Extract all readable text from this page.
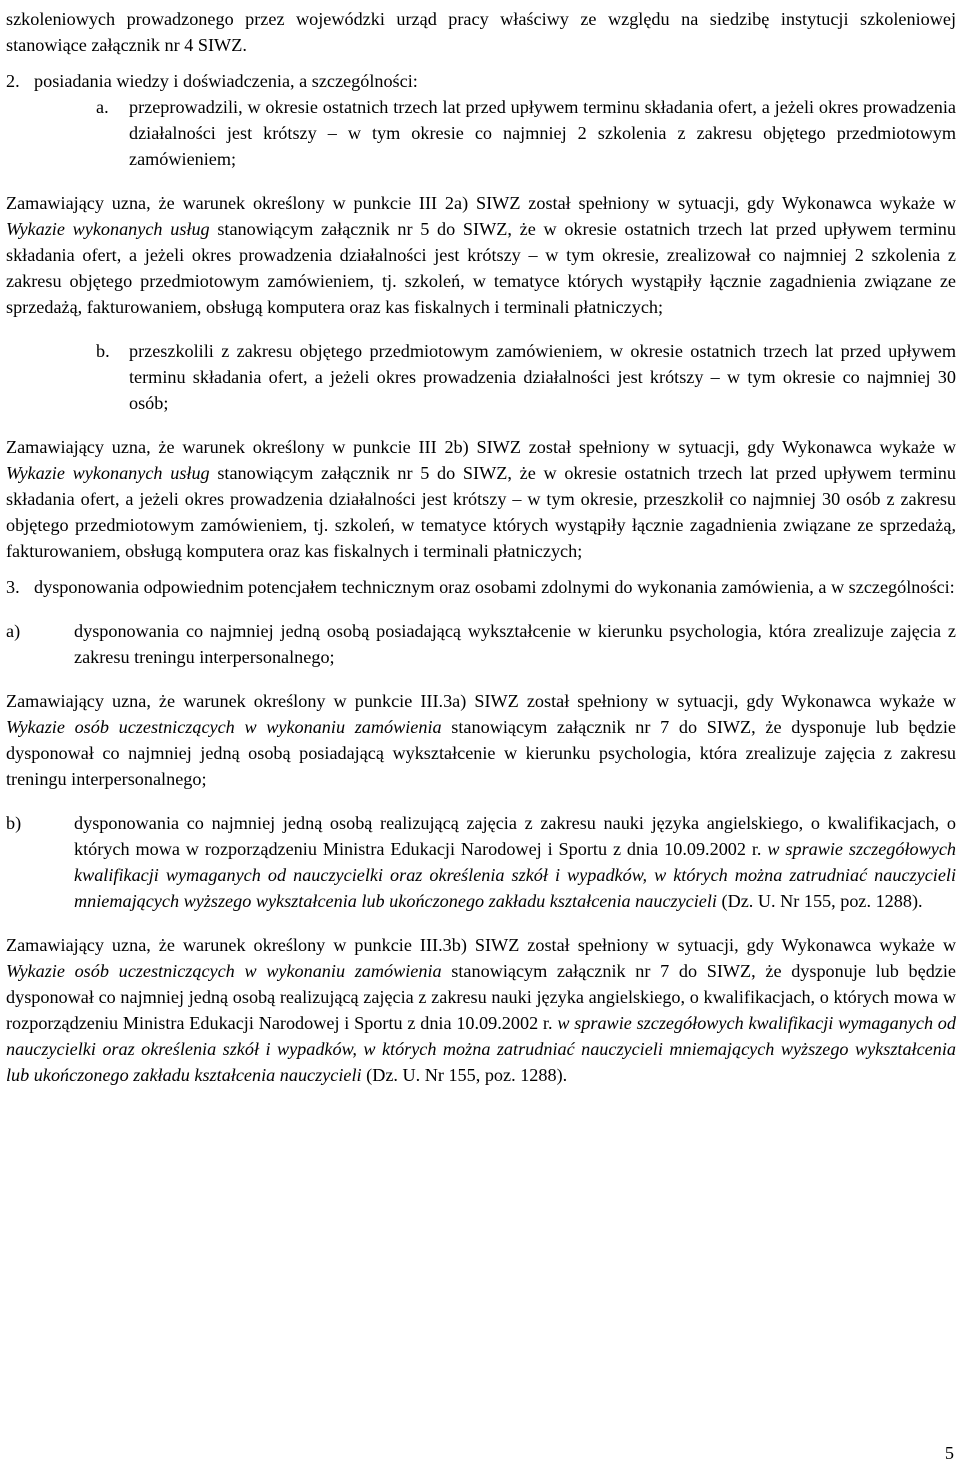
szkoleniowych prowadzonego przez wojewódzki urząd pracy właściwy ze względu na siedzibę instytucji szkoleniowej stanowiące załącznik nr 4 SIWZ.

2. posiadania wiedzy i doświadczenia, a szczególności:

a. przeprowadzili, w okresie ostatnich trzech lat przed upływem terminu składania ofert, a jeżeli okres prowadzenia działalności jest krótszy – w tym okresie co najmniej 2 szkolenia z zakresu objętego przedmiotowym zamówieniem;

Zamawiający uzna, że warunek określony w punkcie III 2a) SIWZ został spełniony w sytuacji, gdy Wykonawca wykaże w Wykazie wykonanych usług stanowiącym załącznik nr 5 do SIWZ, że w okresie ostatnich trzech lat przed upływem terminu składania ofert, a jeżeli okres prowadzenia działalności jest krótszy – w tym okresie, zrealizował co najmniej 2 szkolenia z zakresu objętego przedmiotowym zamówieniem, tj. szkoleń, w tematyce których wystąpiły łącznie zagadnienia związane ze sprzedażą, fakturowaniem, obsługą komputera oraz kas fiskalnych i terminali płatniczych;

b. przeszkolili z zakresu objętego przedmiotowym zamówieniem, w okresie ostatnich trzech lat przed upływem terminu składania ofert, a jeżeli okres prowadzenia działalności jest krótszy – w tym okresie co najmniej 30 osób;

Zamawiający uzna, że warunek określony w punkcie III 2b) SIWZ został spełniony w sytuacji, gdy Wykonawca wykaże w Wykazie wykonanych usług stanowiącym załącznik nr 5 do SIWZ, że w okresie ostatnich trzech lat przed upływem terminu składania ofert, a jeżeli okres prowadzenia działalności jest krótszy – w tym okresie, przeszkolił co najmniej 30 osób z zakresu objętego przedmiotowym zamówieniem, tj. szkoleń, w tematyce których wystąpiły łącznie zagadnienia związane ze sprzedażą, fakturowaniem, obsługą komputera oraz kas fiskalnych i terminali płatniczych;

3. dysponowania odpowiednim potencjałem technicznym oraz osobami zdolnymi do wykonania zamówienia, a w szczególności:

a)	dysponowania co najmniej jedną osobą posiadającą wykształcenie w kierunku psychologia, która zrealizuje zajęcia z zakresu treningu interpersonalnego;

Zamawiający uzna, że warunek określony w punkcie III.3a) SIWZ został spełniony w sytuacji, gdy Wykonawca wykaże w Wykazie osób uczestniczących w wykonaniu zamówienia stanowiącym załącznik nr 7 do SIWZ, że dysponuje lub będzie dysponował co najmniej jedną osobą posiadającą wykształcenie w kierunku psychologia, która zrealizuje zajęcia z zakresu treningu interpersonalnego;

b)	dysponowania co najmniej jedną osobą realizującą zajęcia z zakresu nauki języka angielskiego, o kwalifikacjach, o których mowa w rozporządzeniu Ministra Edukacji Narodowej i Sportu z dnia 10.09.2002 r. w sprawie szczegółowych kwalifikacji wymaganych od nauczycielki oraz określenia szkół i wypadków, w których można zatrudniać nauczycieli mniemających wyższego wykształcenia lub ukończonego zakładu kształcenia nauczycieli (Dz. U. Nr 155, poz. 1288).

Zamawiający uzna, że warunek określony w punkcie III.3b) SIWZ został spełniony w sytuacji, gdy Wykonawca wykaże w Wykazie osób uczestniczących w wykonaniu zamówienia stanowiącym załącznik nr 7 do SIWZ, że dysponuje lub będzie dysponował co najmniej jedną osobą realizującą zajęcia z zakresu nauki języka angielskiego, o kwalifikacjach, o których mowa w rozporządzeniu Ministra Edukacji Narodowej i Sportu z dnia 10.09.2002 r. w sprawie szczegółowych kwalifikacji wymaganych od nauczycielki oraz określenia szkół i wypadków, w których można zatrudniać nauczycieli mniemających wyższego wykształcenia lub ukończonego zakładu kształcenia nauczycieli (Dz. U. Nr 155, poz. 1288).

5
